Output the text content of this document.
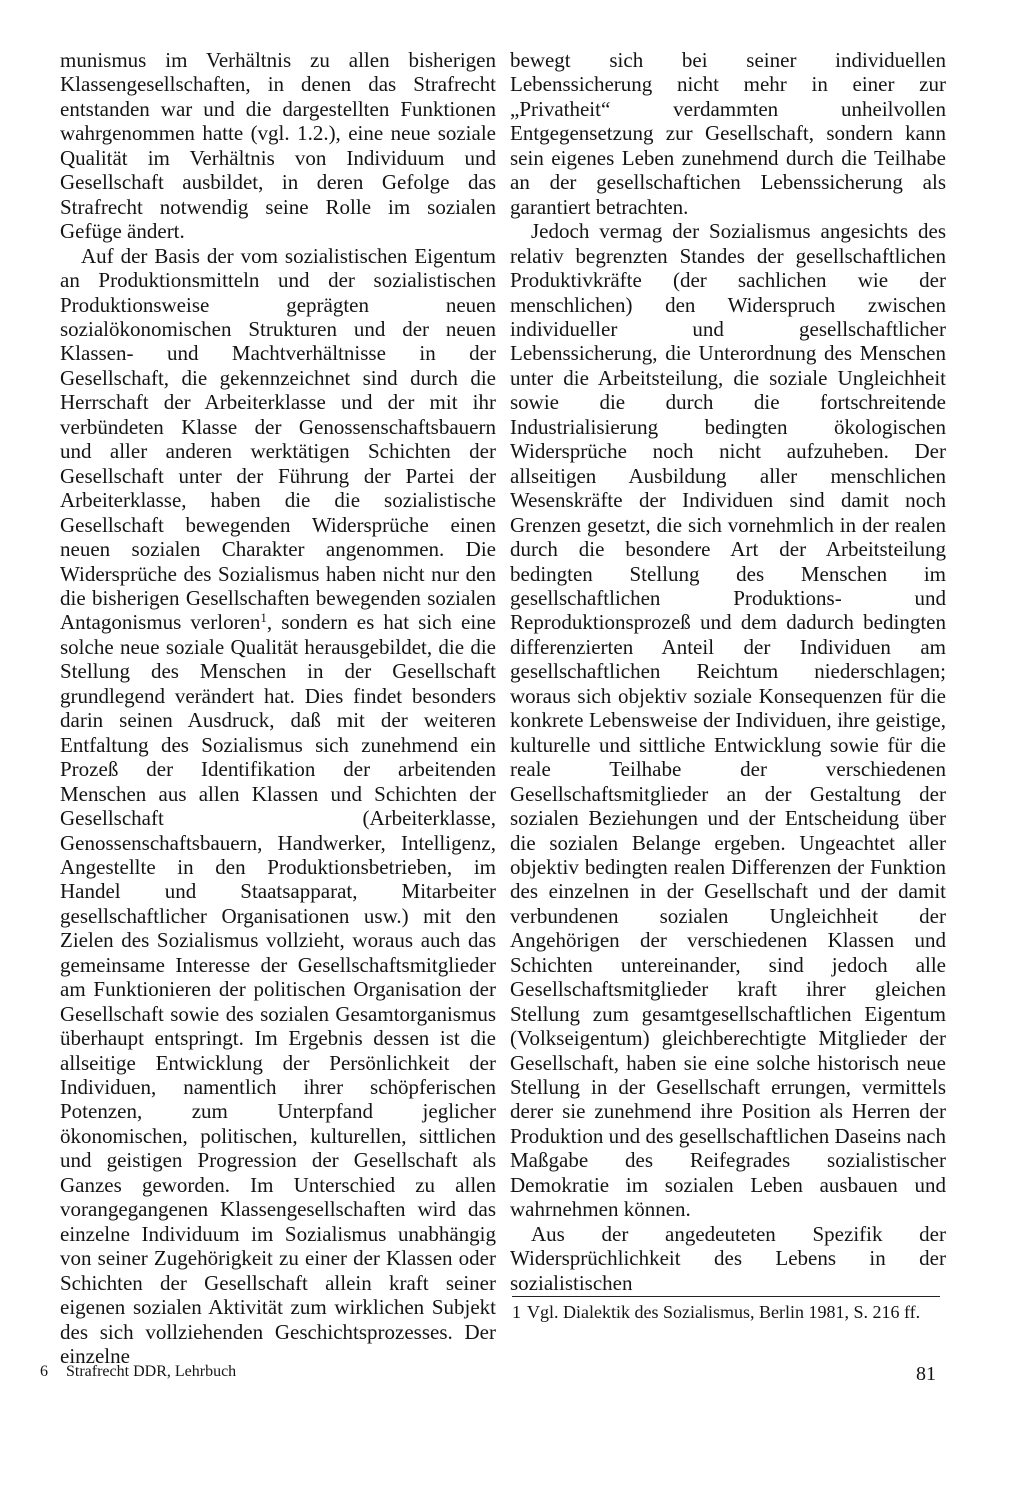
munismus im Verhältnis zu allen bisherigen Klassengesellschaften, in denen das Strafrecht entstanden war und die dargestellten Funktionen wahrgenommen hatte (vgl. 1.2.), eine neue soziale Qualität im Verhältnis von Individuum und Gesellschaft ausbildet, in deren Gefolge das Strafrecht notwendig seine Rolle im sozialen Gefüge ändert.

Auf der Basis der vom sozialistischen Eigentum an Produktionsmitteln und der sozialistischen Produktionsweise geprägten neuen sozialökonomischen Strukturen und der neuen Klassen- und Machtverhältnisse in der Gesellschaft, die gekennzeichnet sind durch die Herrschaft der Arbeiterklasse und der mit ihr verbündeten Klasse der Genossenschaftsbauern und aller anderen werktätigen Schichten der Gesellschaft unter der Führung der Partei der Arbeiterklasse, haben die die sozialistische Gesellschaft bewegenden Widersprüche einen neuen sozialen Charakter angenommen. Die Widersprüche des Sozialismus haben nicht nur den die bisherigen Gesellschaften bewegenden sozialen Antagonismus verloren$^1$, sondern es hat sich eine solche neue soziale Qualität herausgebildet, die die Stellung des Menschen in der Gesellschaft grundlegend verändert hat. Dies findet besonders darin seinen Ausdruck, daß mit der weiteren Entfaltung des Sozialismus sich zunehmend ein Prozeß der Identifikation der arbeitenden Menschen aus allen Klassen und Schichten der Gesellschaft (Arbeiterklasse, Genossenschaftsbauern, Handwerker, Intelligenz, Angestellte in den Produktionsbetrieben, im Handel und Staatsapparat, Mitarbeiter gesellschaftlicher Organisationen usw.) mit den Zielen des Sozialismus vollzieht, woraus auch das gemeinsame Interesse der Gesellschaftsmitglieder am Funktionieren der politischen Organisation der Gesellschaft sowie des sozialen Gesamtorganismus überhaupt entspringt. Im Ergebnis dessen ist die allseitige Entwicklung der Persönlichkeit der Individuen, namentlich ihrer schöpferischen Potenzen, zum Unterpfand jeglicher ökonomischen, politischen, kulturellen, sittlichen und geistigen Progression der Gesellschaft als Ganzes geworden. Im Unterschied zu allen vorangegangenen Klassengesellschaften wird das einzelne Individuum im Sozialismus unabhängig von seiner Zugehörigkeit zu einer der Klassen oder Schichten der Gesellschaft allein kraft seiner eigenen sozialen Aktivität zum wirklichen Subjekt des sich vollziehenden Geschichtsprozesses. Der einzelne

bewegt sich bei seiner individuellen Lebenssicherung nicht mehr in einer zur „Privatheit“ verdammten unheilvollen Entgegensetzung zur Gesellschaft, sondern kann sein eigenes Leben zunehmend durch die Teilhabe an der gesellschaftichen Lebenssicherung als garantiert betrachten.

Jedoch vermag der Sozialismus angesichts des relativ begrenzten Standes der gesellschaftlichen Produktivkräfte (der sachlichen wie der menschlichen) den Widerspruch zwischen individueller und gesellschaftlicher Lebenssicherung, die Unterordnung des Menschen unter die Arbeitsteilung, die soziale Ungleichheit sowie die durch die fortschreitende Industrialisierung bedingten ökologischen Widersprüche noch nicht aufzuheben. Der allseitigen Ausbildung aller menschlichen Wesenskräfte der Individuen sind damit noch Grenzen gesetzt, die sich vornehmlich in der realen durch die besondere Art der Arbeitsteilung bedingten Stellung des Menschen im gesellschaftlichen Produktions- und Reproduktionsprozeß und dem dadurch bedingten differenzierten Anteil der Individuen am gesellschaftlichen Reichtum niederschlagen; woraus sich objektiv soziale Konsequenzen für die konkrete Lebensweise der Individuen, ihre geistige, kulturelle und sittliche Entwicklung sowie für die reale Teilhabe der verschiedenen Gesellschaftsmitglieder an der Gestaltung der sozialen Beziehungen und der Entscheidung über die sozialen Belange ergeben. Ungeachtet aller objektiv bedingten realen Differenzen der Funktion des einzelnen in der Gesellschaft und der damit verbundenen sozialen Ungleichheit der Angehörigen der verschiedenen Klassen und Schichten untereinander, sind jedoch alle Gesellschaftsmitglieder kraft ihrer gleichen Stellung zum gesamtgesellschaftlichen Eigentum (Volkseigentum) gleichberechtigte Mitglieder der Gesellschaft, haben sie eine solche historisch neue Stellung in der Gesellschaft errungen, vermittels derer sie zunehmend ihre Position als Herren der Produktion und des gesellschaftlichen Daseins nach Maßgabe des Reifegrades sozialistischer Demokratie im sozialen Leben ausbauen und wahrnehmen können.

Aus der angedeuteten Spezifik der Widersprüchlichkeit des Lebens in der sozialistischen

1 Vgl. Dialektik des Sozialismus, Berlin 1981, S. 216 ff.
6 Strafrecht DDR, Lehrbuch	81
